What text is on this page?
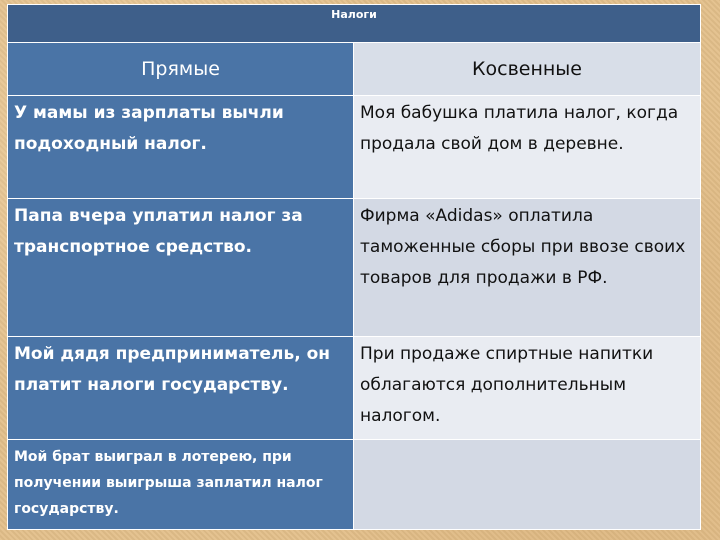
Налоги	
Прямые	Косвенные
У мамы из зарплаты вычли подоходный налог.	Моя бабушка платила налог, когда продала свой дом в деревне.
Папа вчера уплатил налог за транспортное средство.	Фирма «Adidas» оплатила таможенные сборы при ввозе своих товаров для продажи в РФ.
Мой дядя предприниматель, он платит налоги государству.	При продаже спиртные напитки облагаются дополнительным налогом.
Мой брат выиграл в лотерею, при получении выигрыша заплатил налог государству.	
